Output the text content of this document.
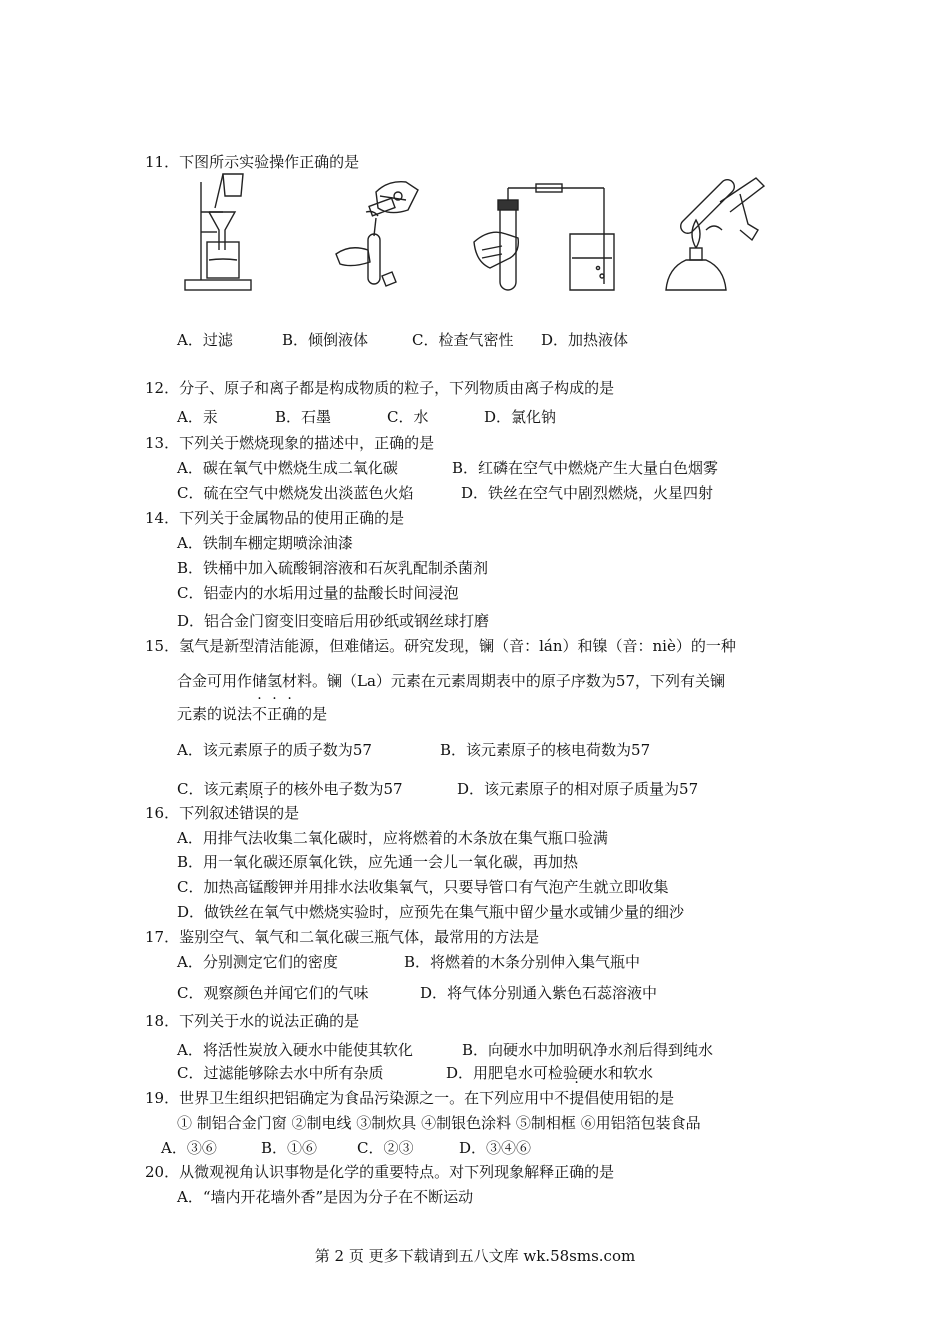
11．下图所示实验操作正确的是
A．过滤	B．倾倒液体	C．检查气密性 D．加热液体
12．分子、原子和离子都是构成物质的粒子，下列物质由离子构成的是
A．汞	B．石墨	C．水	D．氯化钠
13．下列关于燃烧现象的描述中，正确的是
A．碳在氧气中燃烧生成二氧化碳	B．红磷在空气中燃烧产生大量白色烟雾
C．硫在空气中燃烧发出淡蓝色火焰	D．铁丝在空气中剧烈燃烧，火星四射
14．下列关于金属物品的使用正确的是
A．铁制车棚定期喷涂油漆
B．铁桶中加入硫酸铜溶液和石灰乳配制杀菌剂
C．铝壶内的水垢用过量的盐酸长时间浸泡
D．铝合金门窗变旧变暗后用砂纸或钢丝球打磨
15．氢气是新型清洁能源，但难储运。研究发现，镧（音：lán）和镍（音：niè）的一种
合金可用作储氢材料。镧（La）元素在元素周期表中的原子序数为57，下列有关镧
元素的说法不正确的是
A．该元素原子的质子数为57	B．该元素原子的核电荷数为57
C．该元素原子的核外电子数为57	D．该元素原子的相对原子质量为57
16．下列叙述错误的是
A．用排气法收集二氧化碳时，应将燃着的木条放在集气瓶口验满
B．用一氧化碳还原氧化铁，应先通一会儿一氧化碳，再加热
C．加热高锰酸钾并用排水法收集氧气，只要导管口有气泡产生就立即收集
D．做铁丝在氧气中燃烧实验时，应预先在集气瓶中留少量水或铺少量的细沙
17．鉴别空气、氧气和二氧化碳三瓶气体，最常用的方法是
A．分别测定它们的密度	B．将燃着的木条分别伸入集气瓶中
C．观察颜色并闻它们的气味	D．将气体分别通入紫色石蕊溶液中
18．下列关于水的说法正确的是
A．将活性炭放入硬水中能使其软化	B．向硬水中加明矾净水剂后得到纯水
C．过滤能够除去水中所有杂质	D．用肥皂水可检验硬水和软水
19．世界卫生组织把铝确定为食品污染源之一。在下列应用中不提倡使用铝的是
① 制铝合金门窗 ②制电线 ③制炊具 ④制银色涂料 ⑤制相框 ⑥用铝箔包装食品
A．③⑥	B．①⑥	C．②③	D．③④⑥
20．从微观视角认识事物是化学的重要特点。对下列现象解释正确的是
A．“墙内开花墙外香”是因为分子在不断运动
第 2 页 更多下载请到五八文库 wk.58sms.com
